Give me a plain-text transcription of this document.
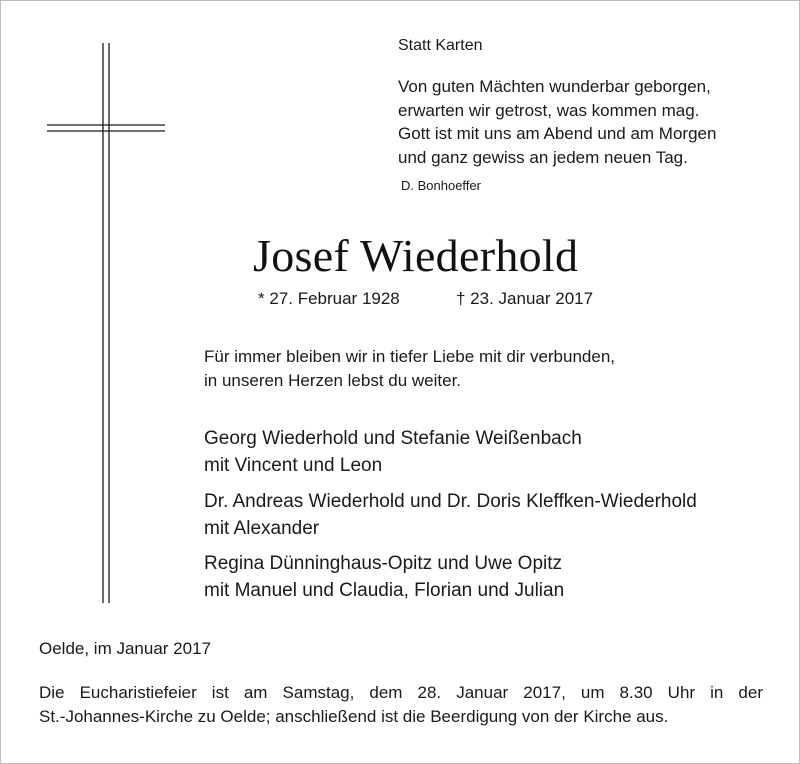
Statt Karten
Von guten Mächten wunderbar geborgen,
erwarten wir getrost, was kommen mag.
Gott ist mit uns am Abend und am Morgen
und ganz gewiss an jedem neuen Tag.
D. Bonhoeffer
Josef Wiederhold
* 27. Februar 1928	† 23. Januar 2017
Für immer bleiben wir in tiefer Liebe mit dir verbunden,
in unseren Herzen lebst du weiter.
Georg Wiederhold und Stefanie Weißenbach
mit Vincent und Leon
Dr. Andreas Wiederhold und Dr. Doris Kleffken-Wiederhold
mit Alexander
Regina Dünninghaus-Opitz und Uwe Opitz
mit Manuel und Claudia, Florian und Julian
Oelde, im Januar 2017
Die Eucharistiefeier ist am Samstag, dem 28. Januar 2017, um 8.30 Uhr in der
St.-Johannes-Kirche zu Oelde; anschließend ist die Beerdigung von der Kirche aus.
